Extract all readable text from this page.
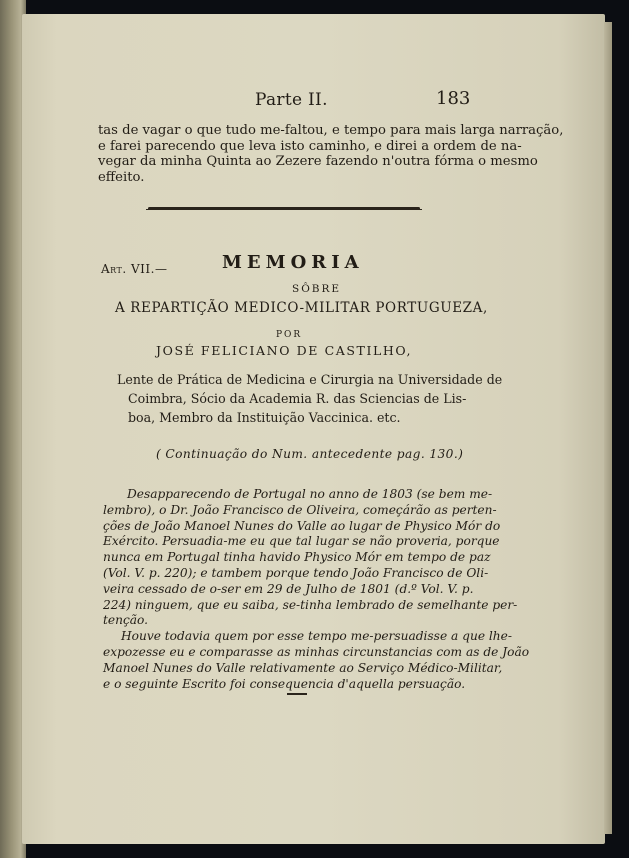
Parte II.	183
tas de vagar o que tudo me-faltou, e tempo para mais larga narração,
e farei parecendo que leva isto caminho, e direi a ordem de na-
vegar da minha Quinta ao Zezere fazendo n'outra fórma o mesmo
effeito.
Art. VII.—	MEMORIA
SÔBRE
A REPARTIÇÃO MEDICO-MILITAR PORTUGUEZA,
POR
JOSÉ FELICIANO DE CASTILHO,
Lente de Prática de Medicina e Cirurgia na Universidade de
Coimbra, Sócio da Academia R. das Sciencias de Lis-
boa, Membro da Instituição Vaccinica. etc.
( Continuação do Num. antecedente pag. 130.)
Desapparecendo de Portugal no anno de 1803 (se bem me-
lembro), o Dr. João Francisco de Oliveira, começárão as perten-
ções de João Manoel Nunes do Valle ao lugar de Physico Mór do
Exército. Persuadia-me eu que tal lugar se não proveria, porque
nunca em Portugal tinha havido Physico Mór em tempo de paz
(Vol. V. p. 220); e tambem porque tendo João Francisco de Oli-
veira cessado de o-ser em 29 de Julho de 1801 (d.º Vol. V. p.
224) ninguem, que eu saiba, se-tinha lembrado de semelhante per-
tenção.
Houve todavia quem por esse tempo me-persuadisse a que lhe-
expozesse eu e comparasse as minhas circunstancias com as de João
Manoel Nunes do Valle relativamente ao Serviço Médico-Militar,
e o seguinte Escrito foi consequencia d'aquella persuação.
